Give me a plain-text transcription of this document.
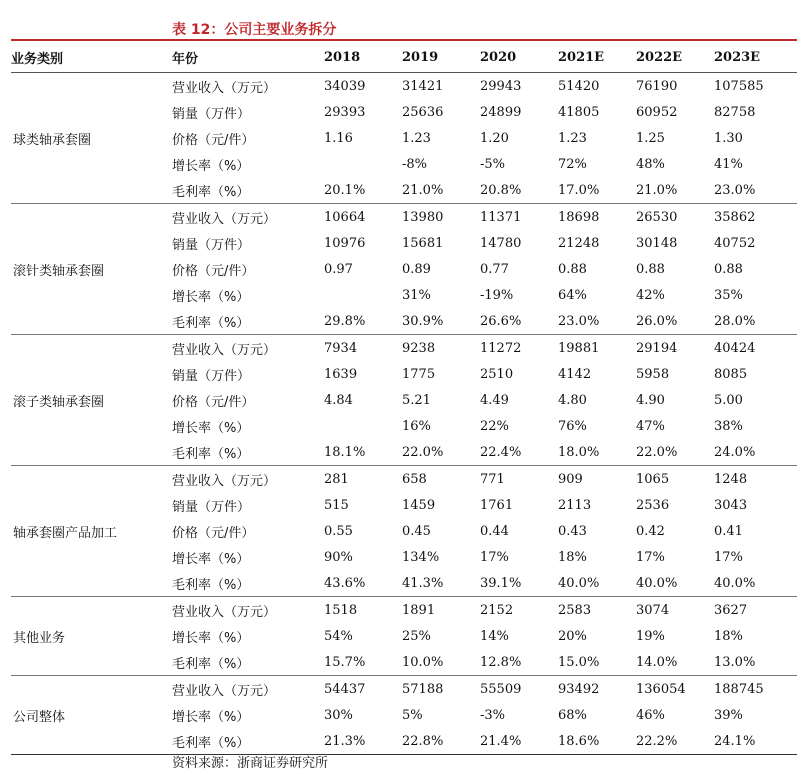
表 12：公司主要业务拆分
业务类别	年份	2018	2019	2020	2021E	2022E	2023E
球类轴承套圈	营业收入（万元）	34039	31421	29943	51420	76190	107585
	销量（万件）	29393	25636	24899	41805	60952	82758
	价格（元/件）	1.16	1.23	1.20	1.23	1.25	1.30
	增长率（%）		-8%	-5%	72%	48%	41%
	毛利率（%）	20.1%	21.0%	20.8%	17.0%	21.0%	23.0%
滚针类轴承套圈	营业收入（万元）	10664	13980	11371	18698	26530	35862
	销量（万件）	10976	15681	14780	21248	30148	40752
	价格（元/件）	0.97	0.89	0.77	0.88	0.88	0.88
	增长率（%）		31%	-19%	64%	42%	35%
	毛利率（%）	29.8%	30.9%	26.6%	23.0%	26.0%	28.0%
滚子类轴承套圈	营业收入（万元）	7934	9238	11272	19881	29194	40424
	销量（万件）	1639	1775	2510	4142	5958	8085
	价格（元/件）	4.84	5.21	4.49	4.80	4.90	5.00
	增长率（%）		16%	22%	76%	47%	38%
	毛利率（%）	18.1%	22.0%	22.4%	18.0%	22.0%	24.0%
轴承套圈产品加工	营业收入（万元）	281	658	771	909	1065	1248
	销量（万件）	515	1459	1761	2113	2536	3043
	价格（元/件）	0.55	0.45	0.44	0.43	0.42	0.41
	增长率（%）	90%	134%	17%	18%	17%	17%
	毛利率（%）	43.6%	41.3%	39.1%	40.0%	40.0%	40.0%
其他业务	营业收入（万元）	1518	1891	2152	2583	3074	3627
	增长率（%）	54%	25%	14%	20%	19%	18%
	毛利率（%）	15.7%	10.0%	12.8%	15.0%	14.0%	13.0%
公司整体	营业收入（万元）	54437	57188	55509	93492	136054	188745
	增长率（%）	30%	5%	-3%	68%	46%	39%
	毛利率（%）	21.3%	22.8%	21.4%	18.6%	22.2%	24.1%
资料来源：浙商证券研究所
